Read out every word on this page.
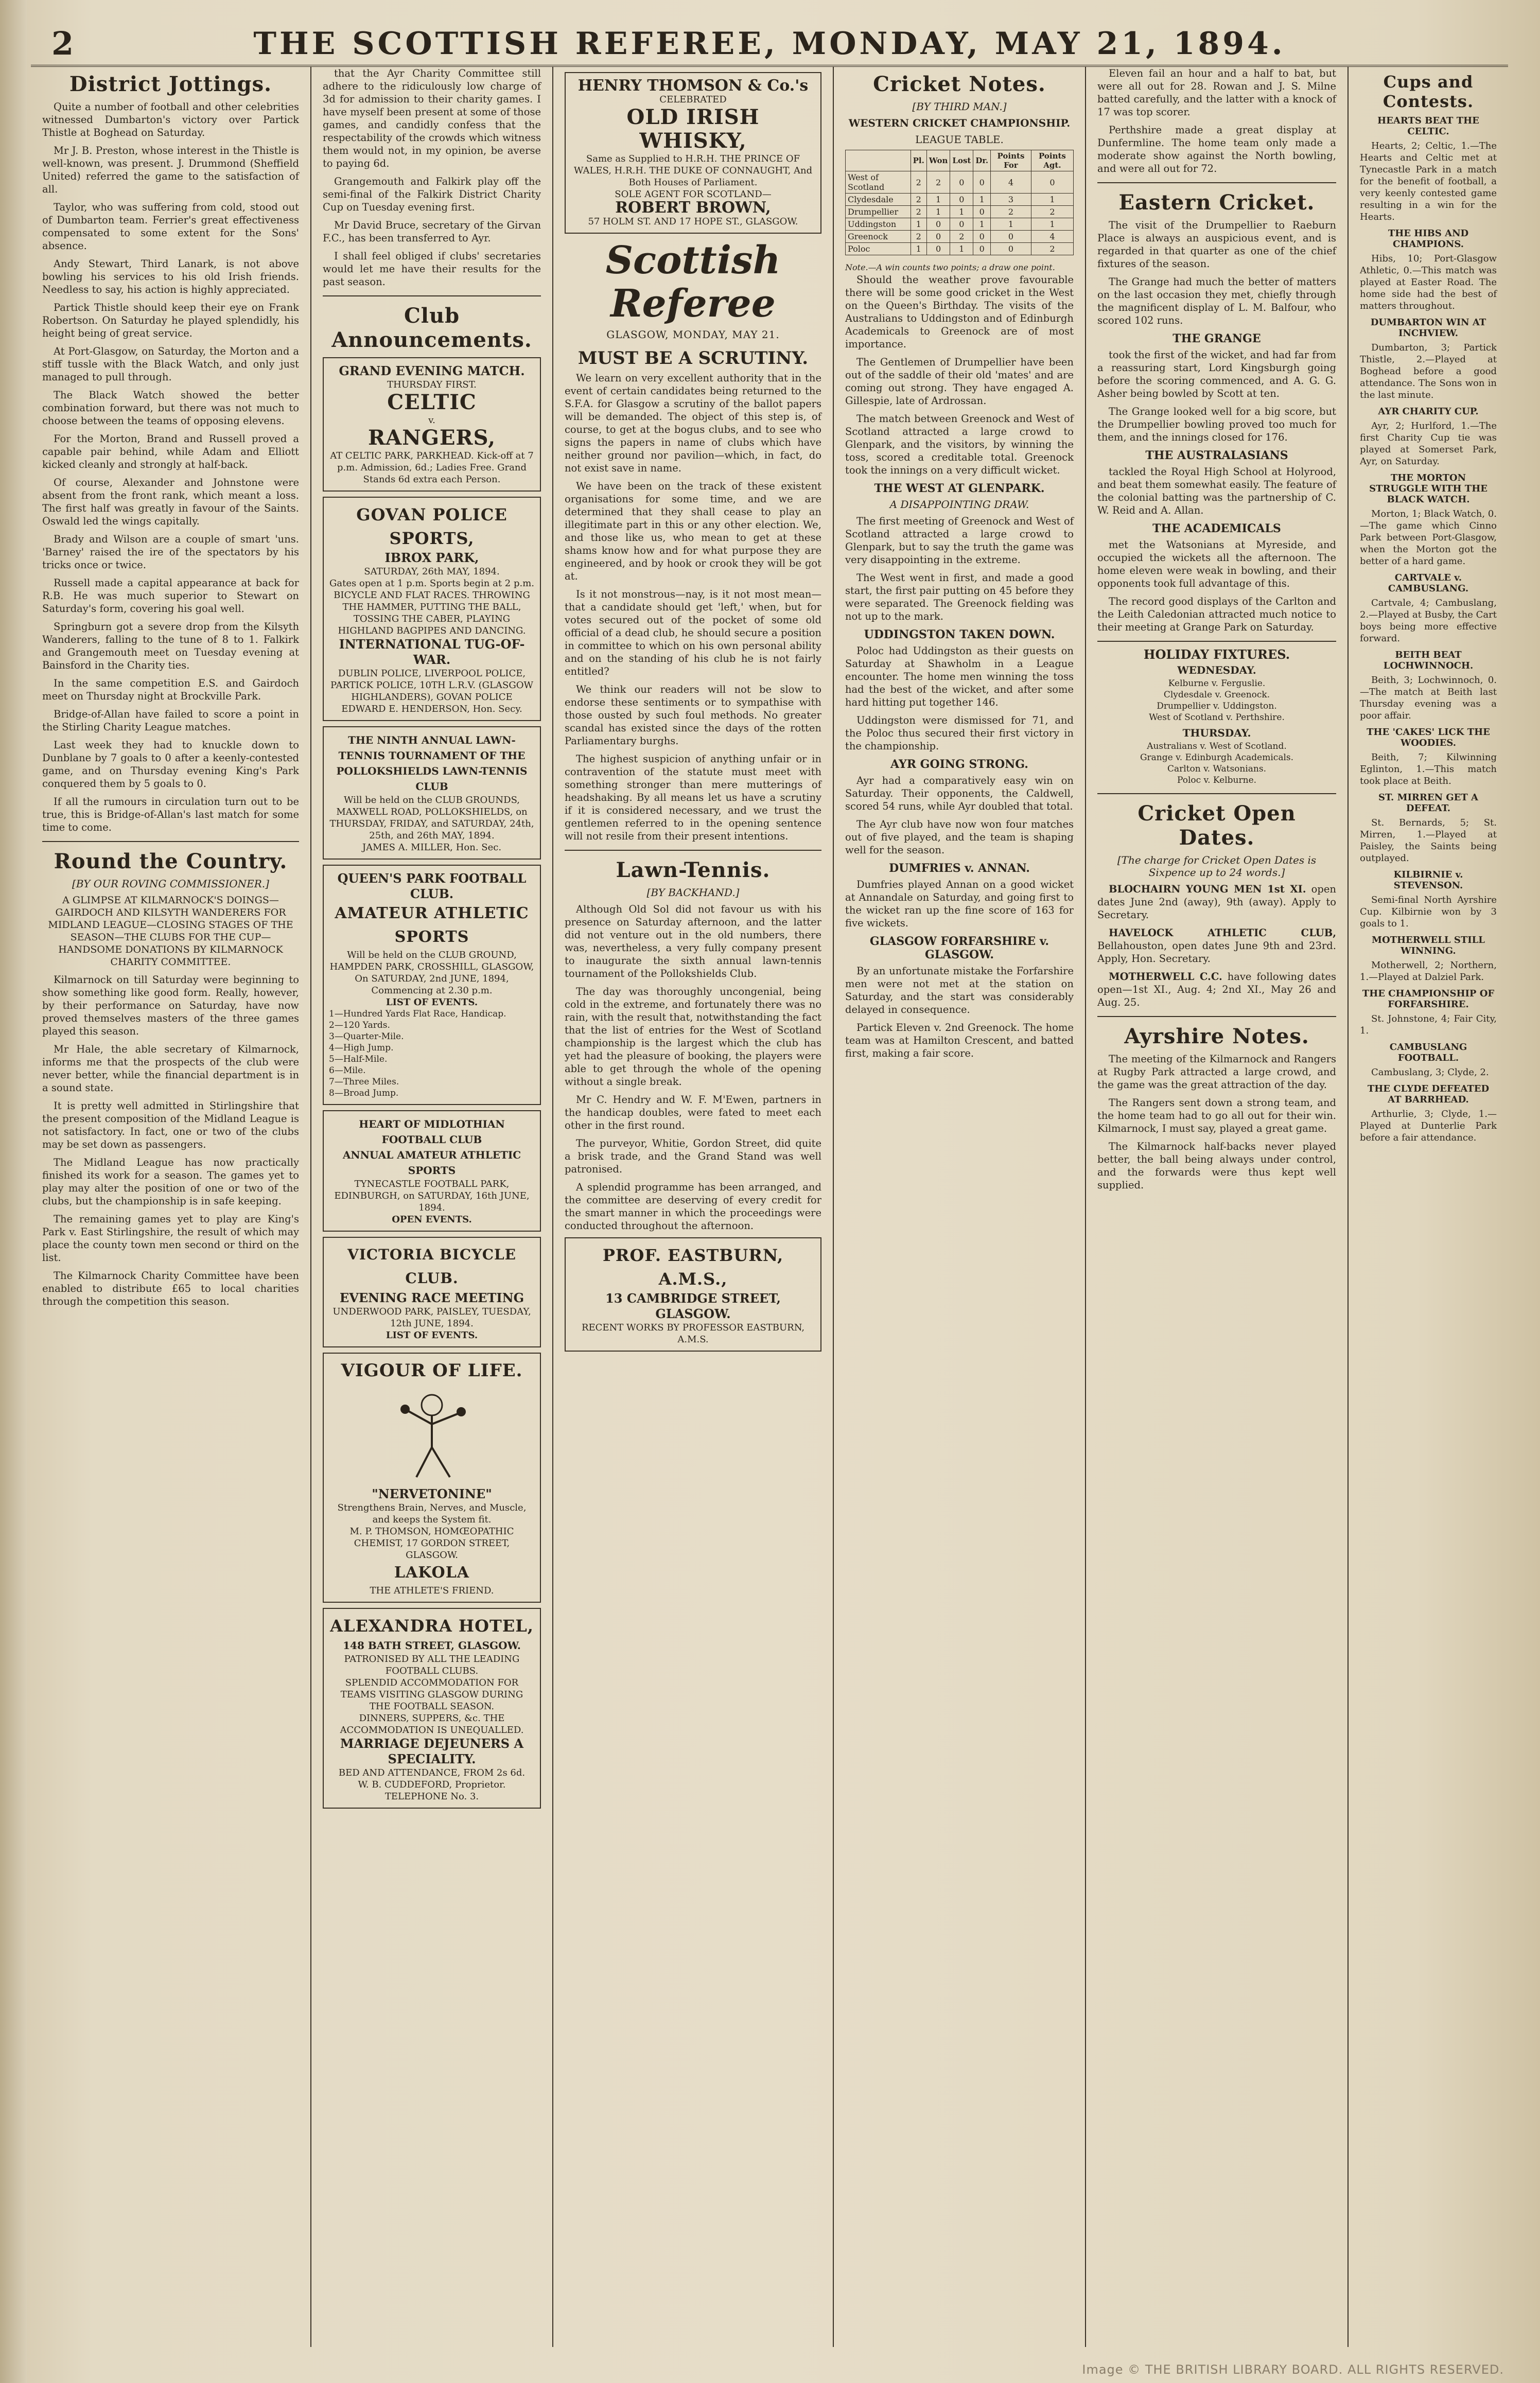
2	THE SCOTTISH REFEREE, MONDAY, MAY 21, 1894.
District Jottings.

Quite a number of football and other celebrities witnessed Dumbarton's victory over Partick Thistle at Boghead on Saturday.

Mr J. B. Preston, whose interest in the Thistle is well-known, was present. J. Drummond (Sheffield United) referred the game to the satisfaction of all.

Taylor, who was suffering from cold, stood out of Dumbarton team. Ferrier's great effectiveness compensated to some extent for the Sons' absence.

Andy Stewart, Third Lanark, is not above bowling his services to his old Irish friends. Needless to say, his action is highly appreciated.

Partick Thistle should keep their eye on Frank Robertson. On Saturday he played splendidly, his height being of great service.

At Port-Glasgow, on Saturday, the Morton and a stiff tussle with the Black Watch, and only just managed to pull through.

The Black Watch showed the better combination forward, but there was not much to choose between the teams of opposing elevens.

For the Morton, Brand and Russell proved a capable pair behind, while Adam and Elliott kicked cleanly and strongly at half-back.

Of course, Alexander and Johnstone were absent from the front rank, which meant a loss. The first half was greatly in favour of the Saints. Oswald led the wings capitally.

Brady and Wilson are a couple of smart 'uns. 'Barney' raised the ire of the spectators by his tricks once or twice.

Russell made a capital appearance at back for R.B. He was much superior to Stewart on Saturday's form, covering his goal well.

Springburn got a severe drop from the Kilsyth Wanderers, falling to the tune of 8 to 1. Falkirk and Grangemouth meet on Tuesday evening at Bainsford in the Charity ties.

In the same competition E.S. and Gairdoch meet on Thursday night at Brockville Park.

Bridge-of-Allan have failed to score a point in the Stirling Charity League matches.

Last week they had to knuckle down to Dunblane by 7 goals to 0 after a keenly-contested game, and on Thursday evening King's Park conquered them by 5 goals to 0.

If all the rumours in circulation turn out to be true, this is Bridge-of-Allan's last match for some time to come.

Round the Country.
[BY OUR ROVING COMMISSIONER.]
A GLIMPSE AT KILMARNOCK'S DOINGS—GAIRDOCH AND KILSYTH WANDERERS FOR MIDLAND LEAGUE—CLOSING STAGES OF THE SEASON—THE CLUBS FOR THE CUP—HANDSOME DONATIONS BY KILMARNOCK CHARITY COMMITTEE.

Kilmarnock on till Saturday were beginning to show something like good form. Really, however, by their performance on Saturday, have now proved themselves masters of the three games played this season.

Mr Hale, the able secretary of Kilmarnock, informs me that the prospects of the club were never better, while the financial department is in a sound state.

It is pretty well admitted in Stirlingshire that the present composition of the Midland League is not satisfactory. In fact, one or two of the clubs may be set down as passengers.

The Midland League has now practically finished its work for a season. The games yet to play may alter the position of one or two of the clubs, but the championship is in safe keeping.

The remaining games yet to play are King's Park v. East Stirlingshire, the result of which may place the county town men second or third on the list.

The Kilmarnock Charity Committee have been enabled to distribute £65 to local charities through the competition this season.

that the Ayr Charity Committee still adhere to the ridiculously low charge of 3d for admission to their charity games. I have myself been present at some of those games, and candidly confess that the respectability of the crowds which witness them would not, in my opinion, be averse to paying 6d.

Grangemouth and Falkirk play off the semi-final of the Falkirk District Charity Cup on Tuesday evening first.

Mr David Bruce, secretary of the Girvan F.C., has been transferred to Ayr.

I shall feel obliged if clubs' secretaries would let me have their results for the past season.

Club Announcements.
GRAND EVENING MATCH.
THURSDAY FIRST.
CELTIC
v.
RANGERS,
AT CELTIC PARK, PARKHEAD. Kick-off at 7 p.m. Admission, 6d.; Ladies Free. Grand Stands 6d extra each Person.
GOVAN POLICE SPORTS,
IBROX PARK,
SATURDAY, 26th MAY, 1894.
Gates open at 1 p.m. Sports begin at 2 p.m.
BICYCLE AND FLAT RACES. THROWING THE HAMMER, PUTTING THE BALL, TOSSING THE CABER, PLAYING HIGHLAND BAGPIPES AND DANCING.
INTERNATIONAL TUG-OF-WAR.
DUBLIN POLICE, LIVERPOOL POLICE, PARTICK POLICE, 10TH L.R.V. (GLASGOW HIGHLANDERS), GOVAN POLICE
EDWARD E. HENDERSON, Hon. Secy.
THE NINTH ANNUAL LAWN-TENNIS TOURNAMENT OF THE POLLOKSHIELDS LAWN-TENNIS CLUB
Will be held on the CLUB GROUNDS, MAXWELL ROAD, POLLOKSHIELDS, on THURSDAY, FRIDAY, and SATURDAY, 24th, 25th, and 26th MAY, 1894.
JAMES A. MILLER, Hon. Sec.
QUEEN'S PARK FOOTBALL CLUB.
AMATEUR ATHLETIC SPORTS
Will be held on the CLUB GROUND, HAMPDEN PARK, CROSSHILL, GLASGOW, On SATURDAY, 2nd JUNE, 1894, Commencing at 2.30 p.m.
LIST OF EVENTS.
1—Hundred Yards Flat Race, Handicap.
2—120 Yards.
3—Quarter-Mile.
4—High Jump.
5—Half-Mile.
6—Mile.
7—Three Miles.
8—Broad Jump.
HEART OF MIDLOTHIAN FOOTBALL CLUB
ANNUAL AMATEUR ATHLETIC SPORTS
TYNECASTLE FOOTBALL PARK, EDINBURGH, on SATURDAY, 16th JUNE, 1894.
OPEN EVENTS.
VICTORIA BICYCLE CLUB.
EVENING RACE MEETING
UNDERWOOD PARK, PAISLEY, TUESDAY, 12th JUNE, 1894.
LIST OF EVENTS.
VIGOUR OF LIFE.
"NERVETONINE"
Strengthens Brain, Nerves, and Muscle, and keeps the System fit.
M. P. THOMSON, HOMŒOPATHIC CHEMIST, 17 GORDON STREET, GLASGOW.
LAKOLA
THE ATHLETE'S FRIEND.
ALEXANDRA HOTEL,
148 BATH STREET, GLASGOW.
PATRONISED BY ALL THE LEADING FOOTBALL CLUBS.
SPLENDID ACCOMMODATION FOR TEAMS VISITING GLASGOW DURING THE FOOTBALL SEASON.
DINNERS, SUPPERS, &c. THE ACCOMMODATION IS UNEQUALLED.
MARRIAGE DEJEUNERS A SPECIALITY.
BED AND ATTENDANCE, FROM 2s 6d.
W. B. CUDDEFORD, Proprietor.
TELEPHONE No. 3.
HENRY THOMSON & Co.'s
CELEBRATED
OLD IRISH WHISKY,
Same as Supplied to H.R.H. THE PRINCE OF WALES, H.R.H. THE DUKE OF CONNAUGHT, And Both Houses of Parliament.
SOLE AGENT FOR SCOTLAND—
ROBERT BROWN,
57 HOLM ST. AND 17 HOPE ST., GLASGOW.
Scottish Referee
GLASGOW, MONDAY, MAY 21.
MUST BE A SCRUTINY.

We learn on very excellent authority that in the event of certain candidates being returned to the S.F.A. for Glasgow a scrutiny of the ballot papers will be demanded. The object of this step is, of course, to get at the bogus clubs, and to see who signs the papers in name of clubs which have neither ground nor pavilion—which, in fact, do not exist save in name.

We have been on the track of these existent organisations for some time, and we are determined that they shall cease to play an illegitimate part in this or any other election. We, and those like us, who mean to get at these shams know how and for what purpose they are engineered, and by hook or crook they will be got at.

Is it not monstrous—nay, is it not most mean—that a candidate should get 'left,' when, but for votes secured out of the pocket of some old official of a dead club, he should secure a position in committee to which on his own personal ability and on the standing of his club he is not fairly entitled?

We think our readers will not be slow to endorse these sentiments or to sympathise with those ousted by such foul methods. No greater scandal has existed since the days of the rotten Parliamentary burghs.

The highest suspicion of anything unfair or in contravention of the statute must meet with something stronger than mere mutterings of headshaking. By all means let us have a scrutiny if it is considered necessary, and we trust the gentlemen referred to in the opening sentence will not resile from their present intentions.

Lawn-Tennis.
[BY BACKHAND.]

Although Old Sol did not favour us with his presence on Saturday afternoon, and the latter did not venture out in the old numbers, there was, nevertheless, a very fully company present to inaugurate the sixth annual lawn-tennis tournament of the Pollokshields Club.

The day was thoroughly uncongenial, being cold in the extreme, and fortunately there was no rain, with the result that, notwithstanding the fact that the list of entries for the West of Scotland championship is the largest which the club has yet had the pleasure of booking, the players were able to get through the whole of the opening without a single break.

Mr C. Hendry and W. F. M'Ewen, partners in the handicap doubles, were fated to meet each other in the first round.

The purveyor, Whitie, Gordon Street, did quite a brisk trade, and the Grand Stand was well patronised.

A splendid programme has been arranged, and the committee are deserving of every credit for the smart manner in which the proceedings were conducted throughout the afternoon.

PROF. EASTBURN, A.M.S.,
13 CAMBRIDGE STREET,
GLASGOW.
RECENT WORKS BY PROFESSOR EASTBURN, A.M.S.
Cricket Notes.
[BY THIRD MAN.]
WESTERN CRICKET CHAMPIONSHIP.
LEAGUE TABLE.
	Pl.	Won	Lost	Dr.	Points For	Points Agt.
West of Scotland	2	2	0	0	4	0
Clydesdale	2	1	0	1	3	1
Drumpellier	2	1	1	0	2	2
Uddingston	1	0	0	1	1	1
Greenock	2	0	2	0	0	4
Poloc	1	0	1	0	0	2
Note.—A win counts two points; a draw one point.

Should the weather prove favourable there will be some good cricket in the West on the Queen's Birthday. The visits of the Australians to Uddingston and of Edinburgh Academicals to Greenock are of most importance.

The Gentlemen of Drumpellier have been out of the saddle of their old 'mates' and are coming out strong. They have engaged A. Gillespie, late of Ardrossan.

The match between Greenock and West of Scotland attracted a large crowd to Glenpark, and the visitors, by winning the toss, scored a creditable total. Greenock took the innings on a very difficult wicket.

THE WEST AT GLENPARK.
A DISAPPOINTING DRAW.

The first meeting of Greenock and West of Scotland attracted a large crowd to Glenpark, but to say the truth the game was very disappointing in the extreme.

The West went in first, and made a good start, the first pair putting on 45 before they were separated. The Greenock fielding was not up to the mark.

UDDINGSTON TAKEN DOWN.

Poloc had Uddingston as their guests on Saturday at Shawholm in a League encounter. The home men winning the toss had the best of the wicket, and after some hard hitting put together 146.

Uddingston were dismissed for 71, and the Poloc thus secured their first victory in the championship.

AYR GOING STRONG.

Ayr had a comparatively easy win on Saturday. Their opponents, the Caldwell, scored 54 runs, while Ayr doubled that total.

The Ayr club have now won four matches out of five played, and the team is shaping well for the season.

DUMFRIES v. ANNAN.

Dumfries played Annan on a good wicket at Annandale on Saturday, and going first to the wicket ran up the fine score of 163 for five wickets.

GLASGOW FORFARSHIRE v. GLASGOW.

By an unfortunate mistake the Forfarshire men were not met at the station on Saturday, and the start was considerably delayed in consequence.

Partick Eleven v. 2nd Greenock. The home team was at Hamilton Crescent, and batted first, making a fair score.

Eleven fail an hour and a half to bat, but were all out for 28. Rowan and J. S. Milne batted carefully, and the latter with a knock of 17 was top scorer.

Perthshire made a great display at Dunfermline. The home team only made a moderate show against the North bowling, and were all out for 72.

Eastern Cricket.

The visit of the Drumpellier to Raeburn Place is always an auspicious event, and is regarded in that quarter as one of the chief fixtures of the season.

The Grange had much the better of matters on the last occasion they met, chiefly through the magnificent display of L. M. Balfour, who scored 102 runs.

THE GRANGE

took the first of the wicket, and had far from a reassuring start, Lord Kingsburgh going before the scoring commenced, and A. G. G. Asher being bowled by Scott at ten.

The Grange looked well for a big score, but the Drumpellier bowling proved too much for them, and the innings closed for 176.

THE AUSTRALASIANS

tackled the Royal High School at Holyrood, and beat them somewhat easily. The feature of the colonial batting was the partnership of C. W. Reid and A. Allan.

THE ACADEMICALS

met the Watsonians at Myreside, and occupied the wickets all the afternoon. The home eleven were weak in bowling, and their opponents took full advantage of this.

The record good displays of the Carlton and the Leith Caledonian attracted much notice to their meeting at Grange Park on Saturday.

HOLIDAY FIXTURES.
WEDNESDAY.
Kelburne v. Ferguslie.
Clydesdale v. Greenock.
Drumpellier v. Uddingston.
West of Scotland v. Perthshire.
THURSDAY.
Australians v. West of Scotland.
Grange v. Edinburgh Academicals.
Carlton v. Watsonians.
Poloc v. Kelburne.
Cricket Open Dates.
[The charge for Cricket Open Dates is Sixpence up to 24 words.]

BLOCHAIRN YOUNG MEN 1st XI. open dates June 2nd (away), 9th (away). Apply to Secretary.

HAVELOCK ATHLETIC CLUB, Bellahouston, open dates June 9th and 23rd. Apply, Hon. Secretary.

MOTHERWELL C.C. have following dates open—1st XI., Aug. 4; 2nd XI., May 26 and Aug. 25.

Ayrshire Notes.

The meeting of the Kilmarnock and Rangers at Rugby Park attracted a large crowd, and the game was the great attraction of the day.

The Rangers sent down a strong team, and the home team had to go all out for their win. Kilmarnock, I must say, played a great game.

The Kilmarnock half-backs never played better, the ball being always under control, and the forwards were thus kept well supplied.

Cups and Contests.
HEARTS BEAT THE CELTIC.

Hearts, 2; Celtic, 1.—The Hearts and Celtic met at Tynecastle Park in a match for the benefit of football, a very keenly contested game resulting in a win for the Hearts.

THE HIBS AND CHAMPIONS.

Hibs, 10; Port-Glasgow Athletic, 0.—This match was played at Easter Road. The home side had the best of matters throughout.

DUMBARTON WIN AT INCHVIEW.

Dumbarton, 3; Partick Thistle, 2.—Played at Boghead before a good attendance. The Sons won in the last minute.

AYR CHARITY CUP.

Ayr, 2; Hurlford, 1.—The first Charity Cup tie was played at Somerset Park, Ayr, on Saturday.

THE MORTON STRUGGLE WITH THE BLACK WATCH.

Morton, 1; Black Watch, 0.—The game which Cinno Park between Port-Glasgow, when the Morton got the better of a hard game.

CARTVALE v. CAMBUSLANG.

Cartvale, 4; Cambuslang, 2.—Played at Busby, the Cart boys being more effective forward.

BEITH BEAT LOCHWINNOCH.

Beith, 3; Lochwinnoch, 0.—The match at Beith last Thursday evening was a poor affair.

THE 'CAKES' LICK THE WOODIES.

Beith, 7; Kilwinning Eglinton, 1.—This match took place at Beith.

ST. MIRREN GET A DEFEAT.

St. Bernards, 5; St. Mirren, 1.—Played at Paisley, the Saints being outplayed.

KILBIRNIE v. STEVENSON.

Semi-final North Ayrshire Cup. Kilbirnie won by 3 goals to 1.

MOTHERWELL STILL WINNING.

Motherwell, 2; Northern, 1.—Played at Dalziel Park.

THE CHAMPIONSHIP OF FORFARSHIRE.

St. Johnstone, 4; Fair City, 1.

CAMBUSLANG FOOTBALL.

Cambuslang, 3; Clyde, 2.

THE CLYDE DEFEATED AT BARRHEAD.

Arthurlie, 3; Clyde, 1.—Played at Dunterlie Park before a fair attendance.

Image © THE BRITISH LIBRARY BOARD. ALL RIGHTS RESERVED.
